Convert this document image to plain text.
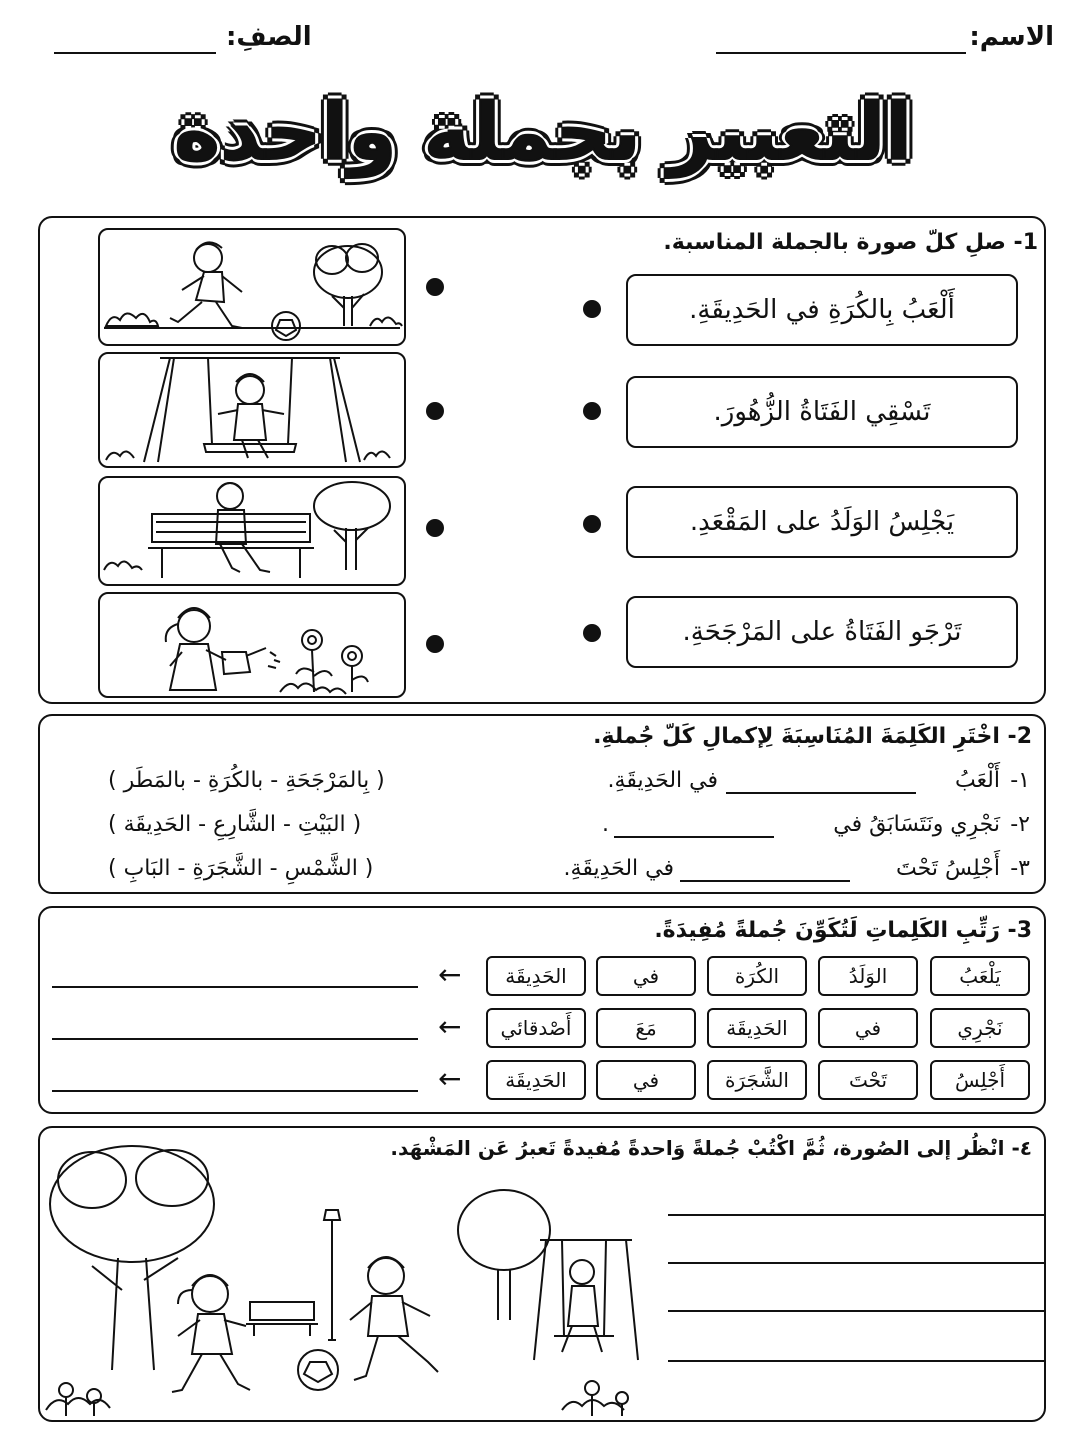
الاسم:
الصفِ:
التعبير بجملة واحدة
1- صلِ كلّ صورة بالجملة المناسبة.
أَلْعَبُ بِالكُرَةِ في الحَدِيقَةِ.
تَسْقِي الفَتَاةُ الزُّهُورَ.
يَجْلِسُ الوَلَدُ على المَقْعَدِ.
تَرْجَو الفَتَاةُ على المَرْجَحَةِ.
2- اخْتَرِ الكَلِمَةَ المُنَاسِبَةَ لِإكمالِ كَلّ جُملةِ.
١-
أَلْعَبُ
في الحَدِيقَةِ.
( بِالمَرْجَحَةِ - بالكُرَةِ - بالمَطَر )
٢-
نَجْرِي ونَتَسَابَقُ في
.
( البَيْتِ - الشَّارِعِ - الحَدِيقَة )
٣-
أَجْلِسُ تَحْتَ
في الحَدِيقَةِ.
( الشَّمْسِ - الشَّجَرَةِ - البَابِ )
3- رَتِّبِ الكَلِماتِ لَتُكَوِّنَ جُملةً مُفِيدَةً.
يَلْعَبُ
الوَلَدُ
الكُرَة
في
الحَدِيقَة
←
نَجْرِي
في
الحَدِيقَة
مَعَ
أَصْدقائي
←
أَجْلِسُ
تَحْتَ
الشَّجَرَة
في
الحَدِيقَة
←
٤- انْظُر إلى الصُورة، ثُمَّ اكْتُبْ جُملةً وَاحدةً مُفيدةً تَعبرُ عَن المَشْهَد.
